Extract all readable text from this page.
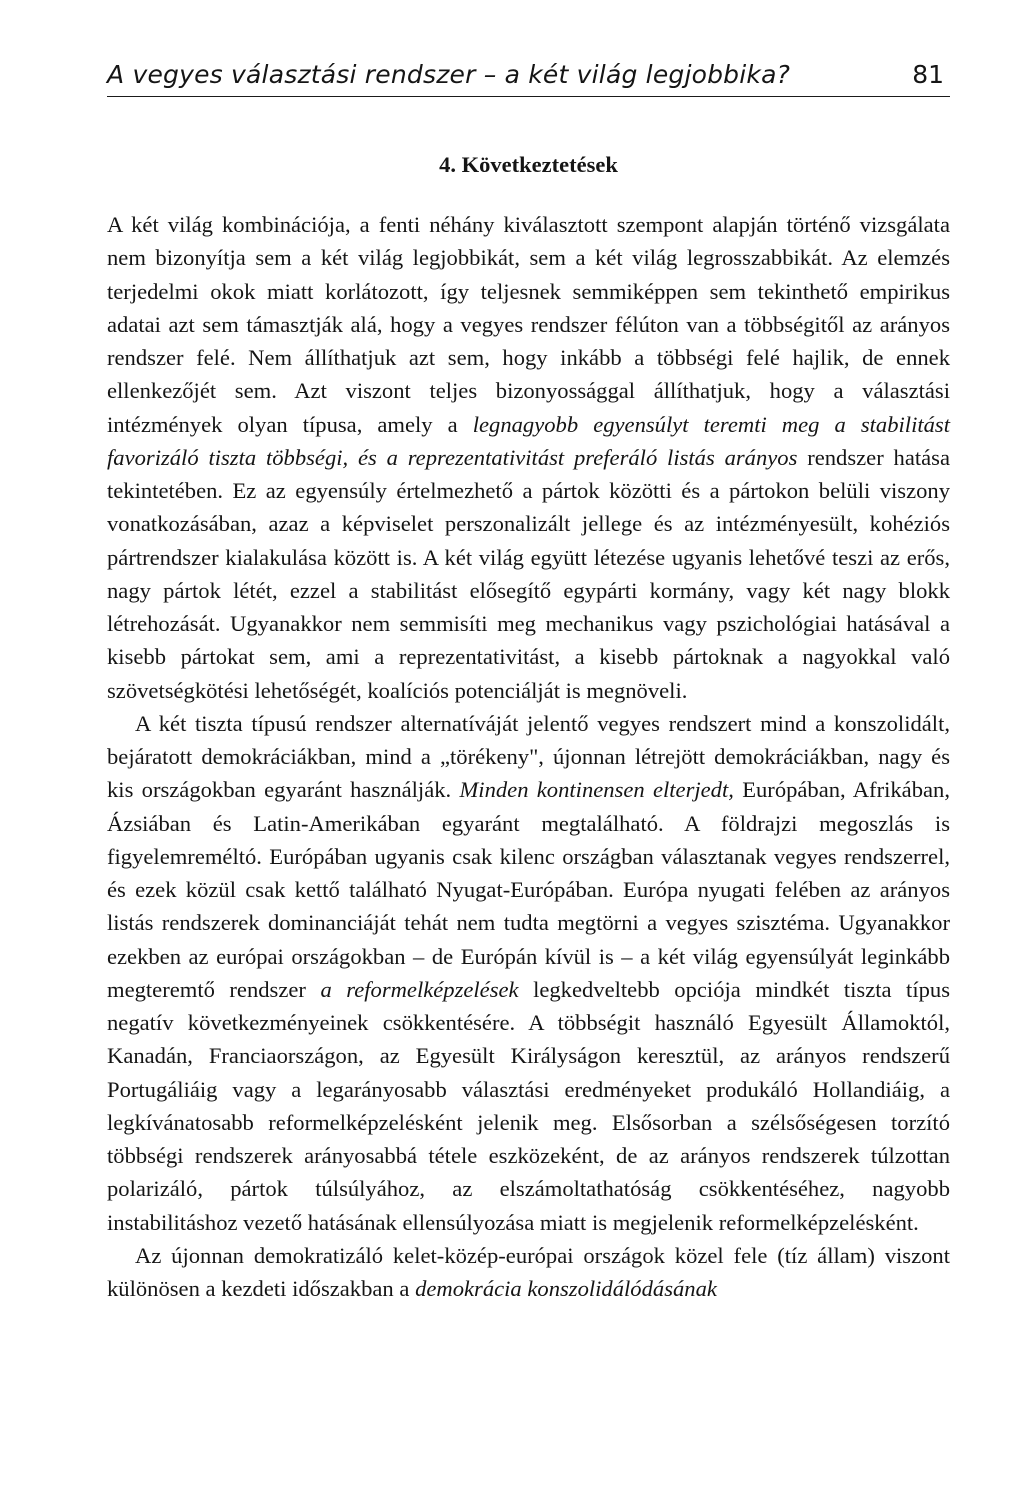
A vegyes választási rendszer – a két világ legjobbika?	81
4. Következtetések

A két világ kombinációja, a fenti néhány kiválasztott szempont alapján történő vizsgálata nem bizonyítja sem a két világ legjobbikát, sem a két világ legrosszabbikát. Az elemzés terjedelmi okok miatt korlátozott, így teljesnek semmiképpen sem tekinthető empirikus adatai azt sem támasztják alá, hogy a vegyes rendszer félúton van a többségitől az arányos rendszer felé. Nem állíthatjuk azt sem, hogy inkább a többségi felé hajlik, de ennek ellenkezőjét sem. Azt viszont teljes bizonyossággal állíthatjuk, hogy a választási intézmények olyan típusa, amely a legnagyobb egyensúlyt teremti meg a stabilitást favorizáló tiszta többségi, és a reprezentativitást preferáló listás arányos rendszer hatása tekintetében. Ez az egyensúly értelmezhető a pártok közötti és a pártokon belüli viszony vonatkozásában, azaz a képviselet perszonalizált jellege és az intézményesült, kohéziós pártrendszer kialakulása között is. A két világ együtt létezése ugyanis lehetővé teszi az erős, nagy pártok létét, ezzel a stabilitást elősegítő egypárti kormány, vagy két nagy blokk létrehozását. Ugyanakkor nem semmisíti meg mechanikus vagy pszichológiai hatásával a kisebb pártokat sem, ami a reprezentativitást, a kisebb pártoknak a nagyokkal való szövetségkötési lehetőségét, koalíciós potenciálját is megnöveli.

A két tiszta típusú rendszer alternatíváját jelentő vegyes rendszert mind a konszolidált, bejáratott demokráciákban, mind a „törékeny", újonnan létrejött demokráciákban, nagy és kis országokban egyaránt használják. Minden kontinensen elterjedt, Európában, Afrikában, Ázsiában és Latin-Amerikában egyaránt megtalálható. A földrajzi megoszlás is figyelemreméltó. Európában ugyanis csak kilenc országban választanak vegyes rendszerrel, és ezek közül csak kettő található Nyugat-Európában. Európa nyugati felében az arányos listás rendszerek dominanciáját tehát nem tudta megtörni a vegyes szisztéma. Ugyanakkor ezekben az európai országokban – de Európán kívül is – a két világ egyensúlyát leginkább megteremtő rendszer a reformelképzelések legkedveltebb opciója mindkét tiszta típus negatív következményeinek csökkentésére. A többségit használó Egyesült Államoktól, Kanadán, Franciaországon, az Egyesült Királyságon keresztül, az arányos rendszerű Portugáliáig vagy a legarányosabb választási eredményeket produkáló Hollandiáig, a legkívánatosabb reformelképzelésként jelenik meg. Elsősorban a szélsőségesen torzító többségi rendszerek arányosabbá tétele eszközeként, de az arányos rendszerek túlzottan polarizáló, pártok túlsúlyához, az elszámoltathatóság csökkentéséhez, nagyobb instabilitáshoz vezető hatásának ellensúlyozása miatt is megjelenik reformelképzelésként.

Az újonnan demokratizáló kelet-közép-európai országok közel fele (tíz állam) viszont különösen a kezdeti időszakban a demokrácia konszolidálódásának
